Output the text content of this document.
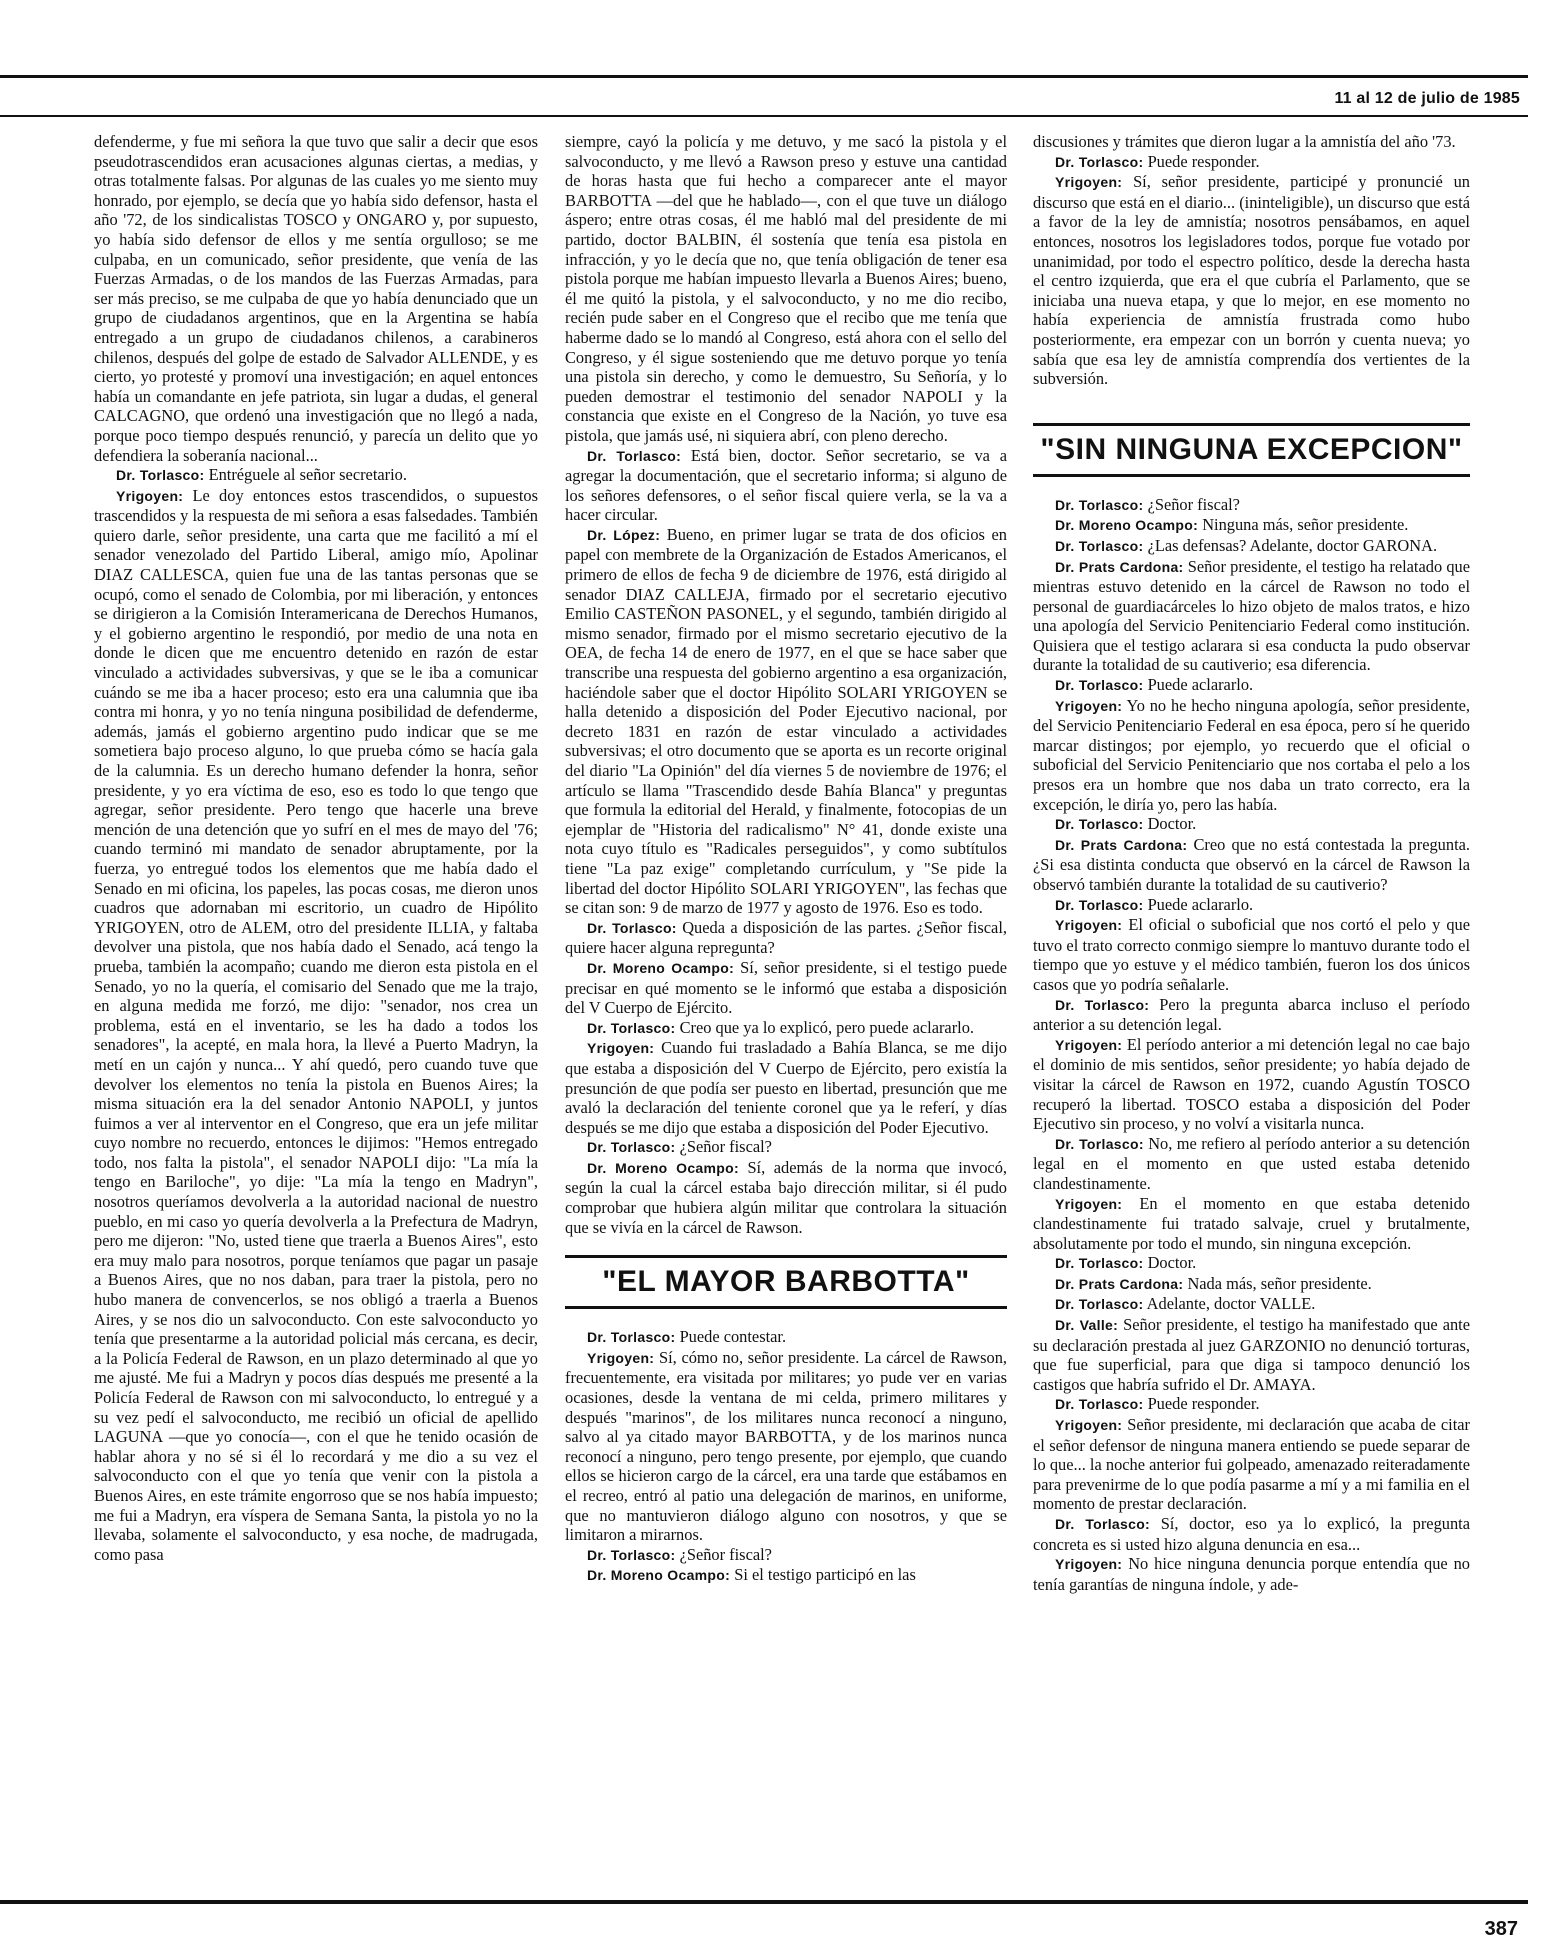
11 al 12 de julio de 1985

defenderme, y fue mi señora la que tuvo que salir a decir que esos pseudotrascendidos eran acusaciones algunas ciertas, a medias, y otras totalmente falsas. Por algunas de las cuales yo me siento muy honrado, por ejemplo, se decía que yo había sido defensor, hasta el año '72, de los sindicalistas TOSCO y ONGARO y, por supuesto, yo había sido defensor de ellos y me sentía orgulloso; se me culpaba, en un comunicado, señor presidente, que venía de las Fuerzas Armadas, o de los mandos de las Fuerzas Armadas, para ser más preciso, se me culpaba de que yo había denunciado que un grupo de ciudadanos argentinos, que en la Argentina se había entregado a un grupo de ciudadanos chilenos, a carabineros chilenos, después del golpe de estado de Salvador ALLENDE, y es cierto, yo protesté y promoví una investigación; en aquel entonces había un comandante en jefe patriota, sin lugar a dudas, el general CALCAGNO, que ordenó una investigación que no llegó a nada, porque poco tiempo después renunció, y parecía un delito que yo defendiera la soberanía nacional...

Dr. Torlasco: Entréguele al señor secretario.

Yrigoyen: Le doy entonces estos trascendidos, o supuestos trascendidos y la respuesta de mi señora a esas falsedades. También quiero darle, señor presidente, una carta que me facilitó a mí el senador venezolado del Partido Liberal, amigo mío, Apolinar DIAZ CALLESCA, quien fue una de las tantas personas que se ocupó, como el senado de Colombia, por mi liberación, y entonces se dirigieron a la Comisión Interamericana de Derechos Humanos, y el gobierno argentino le respondió, por medio de una nota en donde le dicen que me encuentro detenido en razón de estar vinculado a actividades subversivas, y que se le iba a comunicar cuándo se me iba a hacer proceso; esto era una calumnia que iba contra mi honra, y yo no tenía ninguna posibilidad de defenderme, además, jamás el gobierno argentino pudo indicar que se me sometiera bajo proceso alguno, lo que prueba cómo se hacía gala de la calumnia. Es un derecho humano defender la honra, señor presidente, y yo era víctima de eso, eso es todo lo que tengo que agregar, señor presidente. Pero tengo que hacerle una breve mención de una detención que yo sufrí en el mes de mayo del '76; cuando terminó mi mandato de senador abruptamente, por la fuerza, yo entregué todos los elementos que me había dado el Senado en mi oficina, los papeles, las pocas cosas, me dieron unos cuadros que adornaban mi escritorio, un cuadro de Hipólito YRIGOYEN, otro de ALEM, otro del presidente ILLIA, y faltaba devolver una pistola, que nos había dado el Senado, acá tengo la prueba, también la acompaño; cuando me dieron esta pistola en el Senado, yo no la quería, el comisario del Senado que me la trajo, en alguna medida me forzó, me dijo: "senador, nos crea un problema, está en el inventario, se les ha dado a todos los senadores", la acepté, en mala hora, la llevé a Puerto Madryn, la metí en un cajón y nunca... Y ahí quedó, pero cuando tuve que devolver los elementos no tenía la pistola en Buenos Aires; la misma situación era la del senador Antonio NAPOLI, y juntos fuimos a ver al interventor en el Congreso, que era un jefe militar cuyo nombre no recuerdo, entonces le dijimos: "Hemos entregado todo, nos falta la pistola", el senador NAPOLI dijo: "La mía la tengo en Bariloche", yo dije: "La mía la tengo en Madryn", nosotros queríamos devolverla a la autoridad nacional de nuestro pueblo, en mi caso yo quería devolverla a la Prefectura de Madryn, pero me dijeron: "No, usted tiene que traerla a Buenos Aires", esto era muy malo para nosotros, porque teníamos que pagar un pasaje a Buenos Aires, que no nos daban, para traer la pistola, pero no hubo manera de convencerlos, se nos obligó a traerla a Buenos Aires, y se nos dio un salvoconducto. Con este salvoconducto yo tenía que presentarme a la autoridad policial más cercana, es decir, a la Policía Federal de Rawson, en un plazo determinado al que yo me ajusté. Me fui a Madryn y pocos días después me presenté a la Policía Federal de Rawson con mi salvoconducto, lo entregué y a su vez pedí el salvoconducto, me recibió un oficial de apellido LAGUNA —que yo conocía—, con el que he tenido ocasión de hablar ahora y no sé si él lo recordará y me dio a su vez el salvoconducto con el que yo tenía que venir con la pistola a Buenos Aires, en este trámite engorroso que se nos había impuesto; me fui a Madryn, era víspera de Semana Santa, la pistola yo no la llevaba, solamente el salvoconducto, y esa noche, de madrugada, como pasa

siempre, cayó la policía y me detuvo, y me sacó la pistola y el salvoconducto, y me llevó a Rawson preso y estuve una cantidad de horas hasta que fui hecho a comparecer ante el mayor BARBOTTA —del que he hablado—, con el que tuve un diálogo áspero; entre otras cosas, él me habló mal del presidente de mi partido, doctor BALBIN, él sostenía que tenía esa pistola en infracción, y yo le decía que no, que tenía obligación de tener esa pistola porque me habían impuesto llevarla a Buenos Aires; bueno, él me quitó la pistola, y el salvoconducto, y no me dio recibo, recién pude saber en el Congreso que el recibo que me tenía que haberme dado se lo mandó al Congreso, está ahora con el sello del Congreso, y él sigue sosteniendo que me detuvo porque yo tenía una pistola sin derecho, y como le demuestro, Su Señoría, y lo pueden demostrar el testimonio del senador NAPOLI y la constancia que existe en el Congreso de la Nación, yo tuve esa pistola, que jamás usé, ni siquiera abrí, con pleno derecho.

Dr. Torlasco: Está bien, doctor. Señor secretario, se va a agregar la documentación, que el secretario informa; si alguno de los señores defensores, o el señor fiscal quiere verla, se la va a hacer circular.

Dr. López: Bueno, en primer lugar se trata de dos oficios en papel con membrete de la Organización de Estados Americanos, el primero de ellos de fecha 9 de diciembre de 1976, está dirigido al senador DIAZ CALLEJA, firmado por el secretario ejecutivo Emilio CASTEÑON PASONEL, y el segundo, también dirigido al mismo senador, firmado por el mismo secretario ejecutivo de la OEA, de fecha 14 de enero de 1977, en el que se hace saber que transcribe una respuesta del gobierno argentino a esa organización, haciéndole saber que el doctor Hipólito SOLARI YRIGOYEN se halla detenido a disposición del Poder Ejecutivo nacional, por decreto 1831 en razón de estar vinculado a actividades subversivas; el otro documento que se aporta es un recorte original del diario "La Opinión" del día viernes 5 de noviembre de 1976; el artículo se llama "Trascendido desde Bahía Blanca" y preguntas que formula la editorial del Herald, y finalmente, fotocopias de un ejemplar de "Historia del radicalismo" N° 41, donde existe una nota cuyo título es "Radicales perseguidos", y como subtítulos tiene "La paz exige" completando currículum, y "Se pide la libertad del doctor Hipólito SOLARI YRIGOYEN", las fechas que se citan son: 9 de marzo de 1977 y agosto de 1976. Eso es todo.

Dr. Torlasco: Queda a disposición de las partes. ¿Señor fiscal, quiere hacer alguna repregunta?

Dr. Moreno Ocampo: Sí, señor presidente, si el testigo puede precisar en qué momento se le informó que estaba a disposición del V Cuerpo de Ejército.

Dr. Torlasco: Creo que ya lo explicó, pero puede aclararlo.

Yrigoyen: Cuando fui trasladado a Bahía Blanca, se me dijo que estaba a disposición del V Cuerpo de Ejército, pero existía la presunción de que podía ser puesto en libertad, presunción que me avaló la declaración del teniente coronel que ya le referí, y días después se me dijo que estaba a disposición del Poder Ejecutivo.

Dr. Torlasco: ¿Señor fiscal?

Dr. Moreno Ocampo: Sí, además de la norma que invocó, según la cual la cárcel estaba bajo dirección militar, si él pudo comprobar que hubiera algún militar que controlara la situación que se vivía en la cárcel de Rawson.

"EL MAYOR BARBOTTA"

Dr. Torlasco: Puede contestar.

Yrigoyen: Sí, cómo no, señor presidente. La cárcel de Rawson, frecuentemente, era visitada por militares; yo pude ver en varias ocasiones, desde la ventana de mi celda, primero militares y después "marinos", de los militares nunca reconocí a ninguno, salvo al ya citado mayor BARBOTTA, y de los marinos nunca reconocí a ninguno, pero tengo presente, por ejemplo, que cuando ellos se hicieron cargo de la cárcel, era una tarde que estábamos en el recreo, entró al patio una delegación de marinos, en uniforme, que no mantuvieron diálogo alguno con nosotros, y que se limitaron a mirarnos.

Dr. Torlasco: ¿Señor fiscal?

Dr. Moreno Ocampo: Si el testigo participó en las

discusiones y trámites que dieron lugar a la amnistía del año '73.

Dr. Torlasco: Puede responder.

Yrigoyen: Sí, señor presidente, participé y pronuncié un discurso que está en el diario... (ininteligible), un discurso que está a favor de la ley de amnistía; nosotros pensábamos, en aquel entonces, nosotros los legisladores todos, porque fue votado por unanimidad, por todo el espectro político, desde la derecha hasta el centro izquierda, que era el que cubría el Parlamento, que se iniciaba una nueva etapa, y que lo mejor, en ese momento no había experiencia de amnistía frustrada como hubo posteriormente, era empezar con un borrón y cuenta nueva; yo sabía que esa ley de amnistía comprendía dos vertientes de la subversión.

"SIN NINGUNA EXCEPCION"

Dr. Torlasco: ¿Señor fiscal?

Dr. Moreno Ocampo: Ninguna más, señor presidente.

Dr. Torlasco: ¿Las defensas? Adelante, doctor GARONA.

Dr. Prats Cardona: Señor presidente, el testigo ha relatado que mientras estuvo detenido en la cárcel de Rawson no todo el personal de guardiacárceles lo hizo objeto de malos tratos, e hizo una apología del Servicio Penitenciario Federal como institución. Quisiera que el testigo aclarara si esa conducta la pudo observar durante la totalidad de su cautiverio; esa diferencia.

Dr. Torlasco: Puede aclararlo.

Yrigoyen: Yo no he hecho ninguna apología, señor presidente, del Servicio Penitenciario Federal en esa época, pero sí he querido marcar distingos; por ejemplo, yo recuerdo que el oficial o suboficial del Servicio Penitenciario que nos cortaba el pelo a los presos era un hombre que nos daba un trato correcto, era la excepción, le diría yo, pero las había.

Dr. Torlasco: Doctor.

Dr. Prats Cardona: Creo que no está contestada la pregunta. ¿Si esa distinta conducta que observó en la cárcel de Rawson la observó también durante la totalidad de su cautiverio?

Dr. Torlasco: Puede aclararlo.

Yrigoyen: El oficial o suboficial que nos cortó el pelo y que tuvo el trato correcto conmigo siempre lo mantuvo durante todo el tiempo que yo estuve y el médico también, fueron los dos únicos casos que yo podría señalarle.

Dr. Torlasco: Pero la pregunta abarca incluso el período anterior a su detención legal.

Yrigoyen: El período anterior a mi detención legal no cae bajo el dominio de mis sentidos, señor presidente; yo había dejado de visitar la cárcel de Rawson en 1972, cuando Agustín TOSCO recuperó la libertad. TOSCO estaba a disposición del Poder Ejecutivo sin proceso, y no volví a visitarla nunca.

Dr. Torlasco: No, me refiero al período anterior a su detención legal en el momento en que usted estaba detenido clandestinamente.

Yrigoyen: En el momento en que estaba detenido clandestinamente fui tratado salvaje, cruel y brutalmente, absolutamente por todo el mundo, sin ninguna excepción.

Dr. Torlasco: Doctor.

Dr. Prats Cardona: Nada más, señor presidente.

Dr. Torlasco: Adelante, doctor VALLE.

Dr. Valle: Señor presidente, el testigo ha manifestado que ante su declaración prestada al juez GARZONIO no denunció torturas, que fue superficial, para que diga si tampoco denunció los castigos que habría sufrido el Dr. AMAYA.

Dr. Torlasco: Puede responder.

Yrigoyen: Señor presidente, mi declaración que acaba de citar el señor defensor de ninguna manera entiendo se puede separar de lo que... la noche anterior fui golpeado, amenazado reiteradamente para prevenirme de lo que podía pasarme a mí y a mi familia en el momento de prestar declaración.

Dr. Torlasco: Sí, doctor, eso ya lo explicó, la pregunta concreta es si usted hizo alguna denuncia en esa...

Yrigoyen: No hice ninguna denuncia porque entendía que no tenía garantías de ninguna índole, y ade-

387
